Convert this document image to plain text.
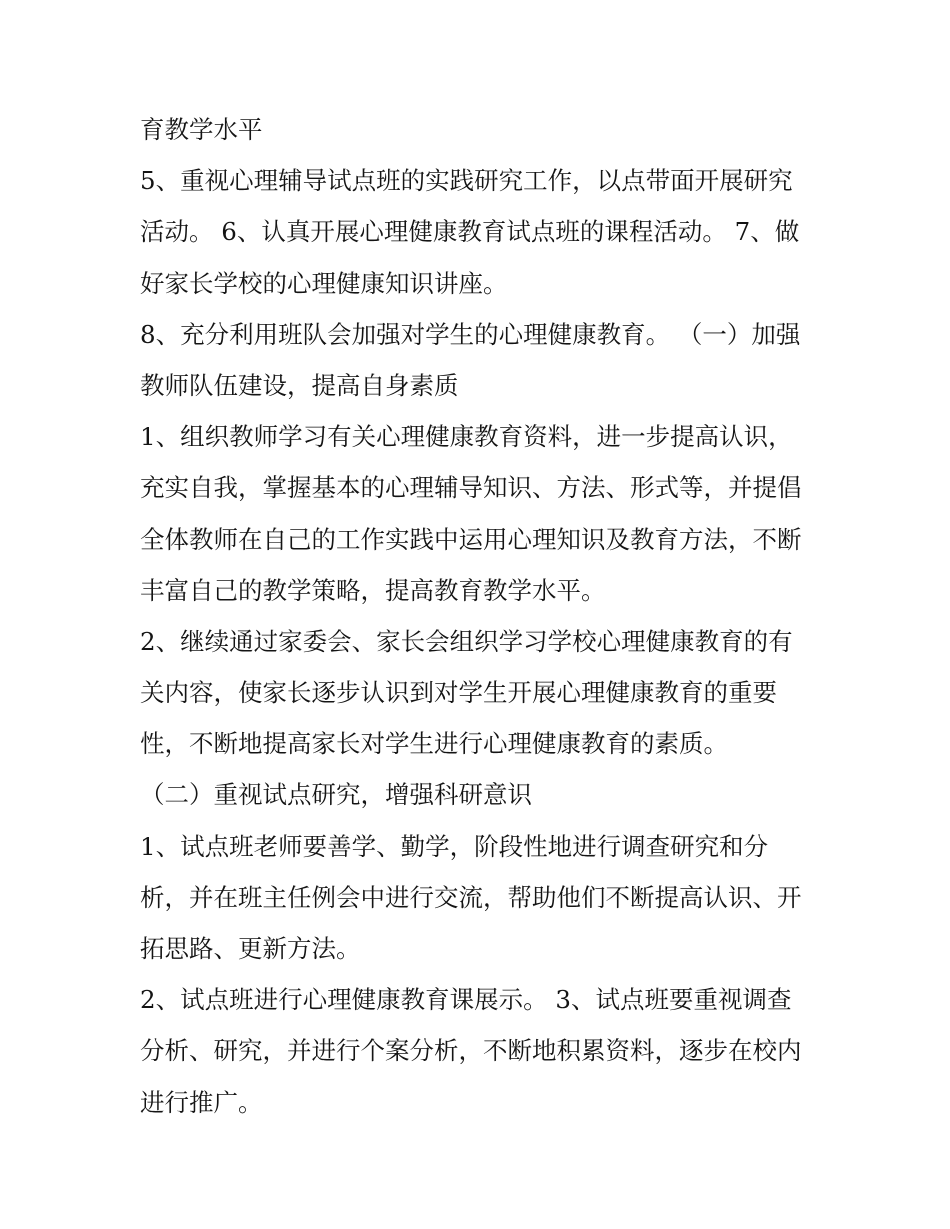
育教学水平
5、重视心理辅导试点班的实践研究工作，以点带面开展研究
活动。 6、认真开展心理健康教育试点班的课程活动。 7、做
好家长学校的心理健康知识讲座。
8、充分利用班队会加强对学生的心理健康教育。 （一）加强
教师队伍建设，提高自身素质
1、组织教师学习有关心理健康教育资料，进一步提高认识，
充实自我，掌握基本的心理辅导知识、方法、形式等，并提倡
全体教师在自己的工作实践中运用心理知识及教育方法，不断
丰富自己的教学策略，提高教育教学水平。
2、继续通过家委会、家长会组织学习学校心理健康教育的有
关内容，使家长逐步认识到对学生开展心理健康教育的重要
性，不断地提高家长对学生进行心理健康教育的素质。
（二）重视试点研究，增强科研意识
1、试点班老师要善学、勤学，阶段性地进行调查研究和分
析，并在班主任例会中进行交流，帮助他们不断提高认识、开
拓思路、更新方法。
2、试点班进行心理健康教育课展示。 3、试点班要重视调查
分析、研究，并进行个案分析，不断地积累资料，逐步在校内
进行推广。
